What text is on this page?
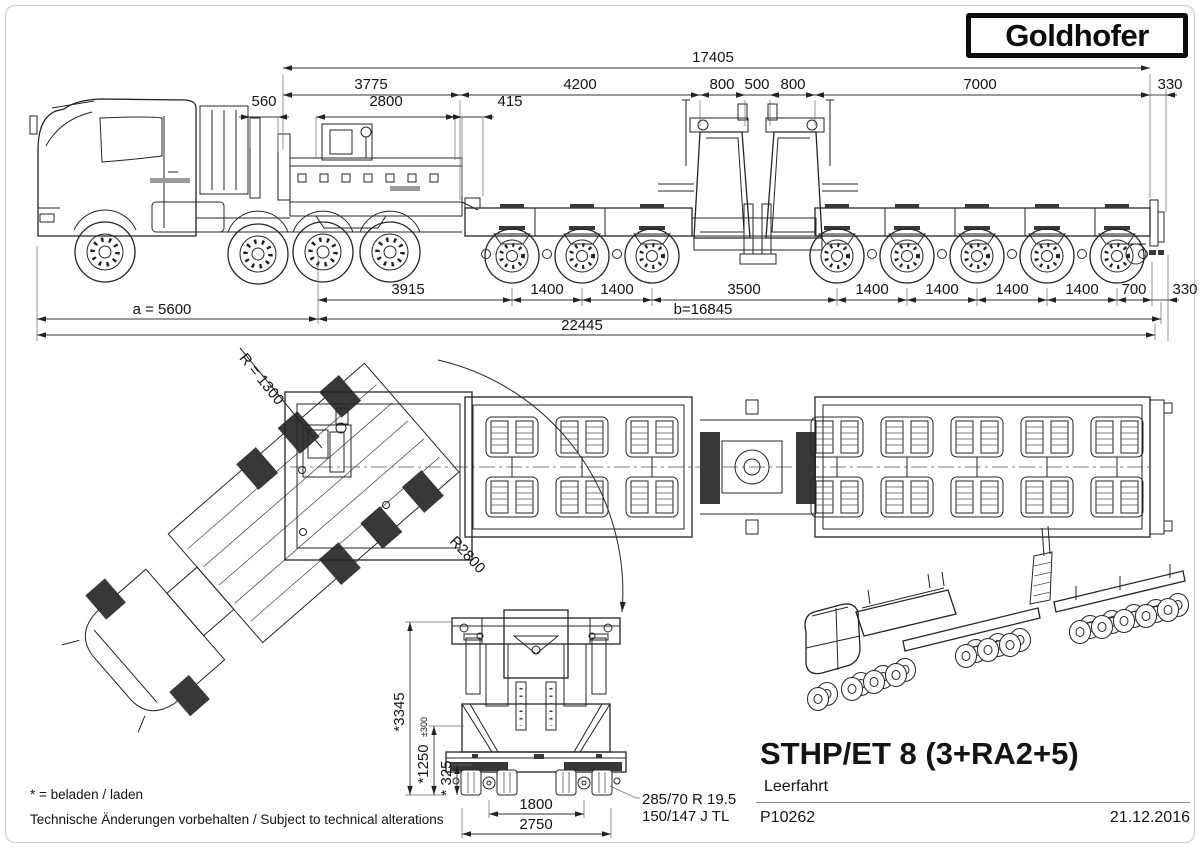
17405
3775	4200	800 500 800	7000	330
560	2800	415
3915	1400 1400	3500	1400 1400 1400 1400 700 330
a = 5600	b=16845
22445
R = 1300
R2800
*3345
*1250
±300
* 325
1800
2750
285/70 R 19.5
150/147 J TL
Goldhofer
STHP/ET 8 (3+RA2+5)
Leerfahrt
P10262	21.12.2016
* = beladen / laden
Technische Änderungen vorbehalten / Subject to technical alterations
